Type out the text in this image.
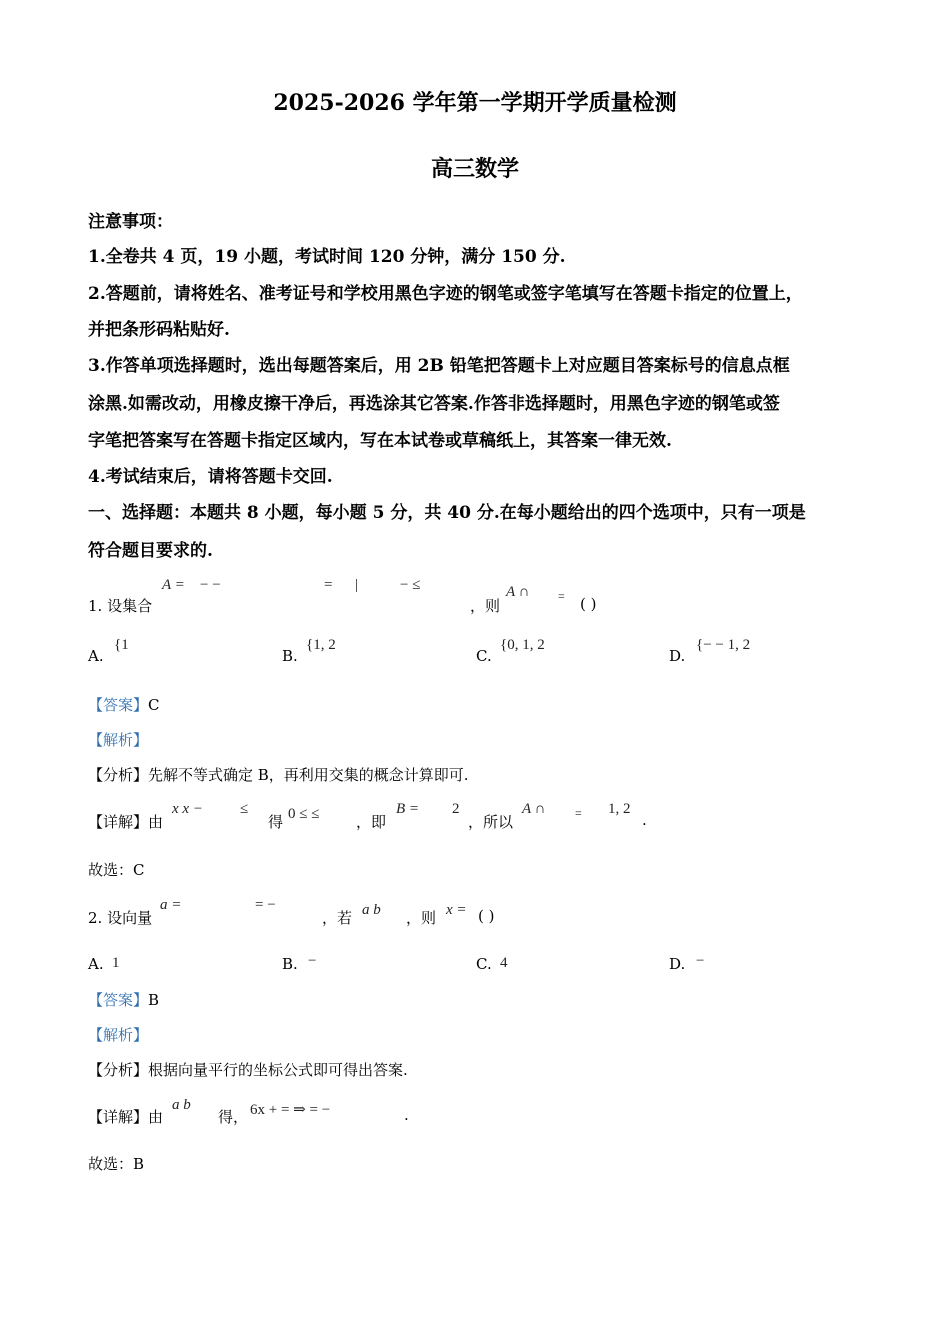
2025-2026 学年第一学期开学质量检测
高三数学
注意事项：
1.全卷共 4 页，19 小题，考试时间 120 分钟，满分 150 分.
2.答题前，请将姓名、准考证号和学校用黑色字迹的钢笔或签字笔填写在答题卡指定的位置上，
并把条形码粘贴好.
3.作答单项选择题时，选出每题答案后，用 2B 铅笔把答题卡上对应题目答案标号的信息点框
涂黑.如需改动，用橡皮擦干净后，再选涂其它答案.作答非选择题时，用黑色字迹的钢笔或签
字笔把答案写在答题卡指定区域内，写在本试卷或草稿纸上，其答案一律无效.
4.考试结束后，请将答题卡交回.
一、选择题：本题共 8 小题，每小题 5 分，共 40 分.在每小题给出的四个选项中，只有一项是
符合题目要求的.
1. 设集合
A = − −	= |	− ≤
，则
A ∩ = ( )
A.
{1
B.
{1, 2
C.
{0, 1, 2
D.
{− − 1, 2
【答案】C
【解析】
【分析】先解不等式确定 B，再利用交集的概念计算即可.
【详解】由
x x − ≤
得 0 ≤ ≤ ，即
B = 2
，所以
A ∩ = 1, 2
.
故选：C
2. 设向量
a =	= −
，若 a b ，则 x = ( )
A. 1	B. −	C. 4	D. −
【答案】B
【解析】
【分析】根据向量平行的坐标公式即可得出答案.
【详解】由
a b
得， 6x + = ⇒ = −	.
故选：B
